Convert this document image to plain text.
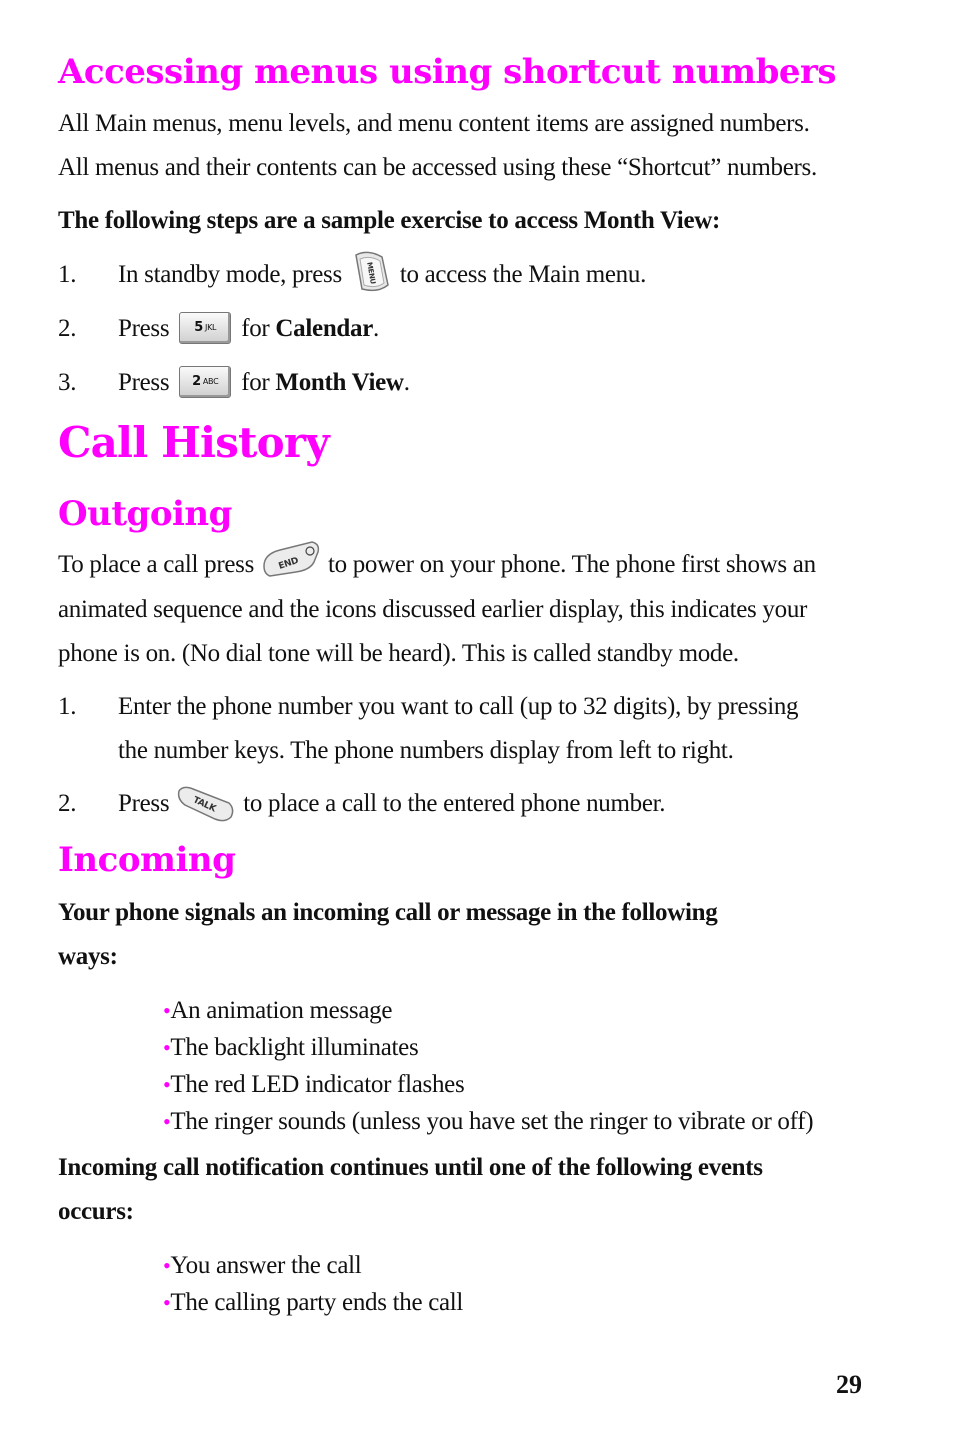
Accessing menus using shortcut numbers

All Main menus, menu levels, and menu content items are assigned numbers.
All menus and their contents can be accessed using these “Shortcut” numbers.

The following steps are a sample exercise to access Month View:

1. In standby mode, press	MENU to access the Main menu.
2. Press 5 JKL for Calendar.
3. Press 2 ABC for Month View.
Call History
Outgoing

To place a call press	END to power on your phone. The phone first shows an
animated sequence and the icons discussed earlier display, this indicates your
phone is on. (No dial tone will be heard). This is called standby mode.

1. Enter the phone number you want to call (up to 32 digits), by pressing
the number keys. The phone numbers display from left to right.
2. Press TALK to place a call to the entered phone number.
Incoming

Your phone signals an incoming call or message in the following
ways:

•An animation message
•The backlight illuminates
•The red LED indicator flashes
•The ringer sounds (unless you have set the ringer to vibrate or off)

Incoming call notification continues until one of the following events
occurs:

•You answer the call
•The calling party ends the call
29
